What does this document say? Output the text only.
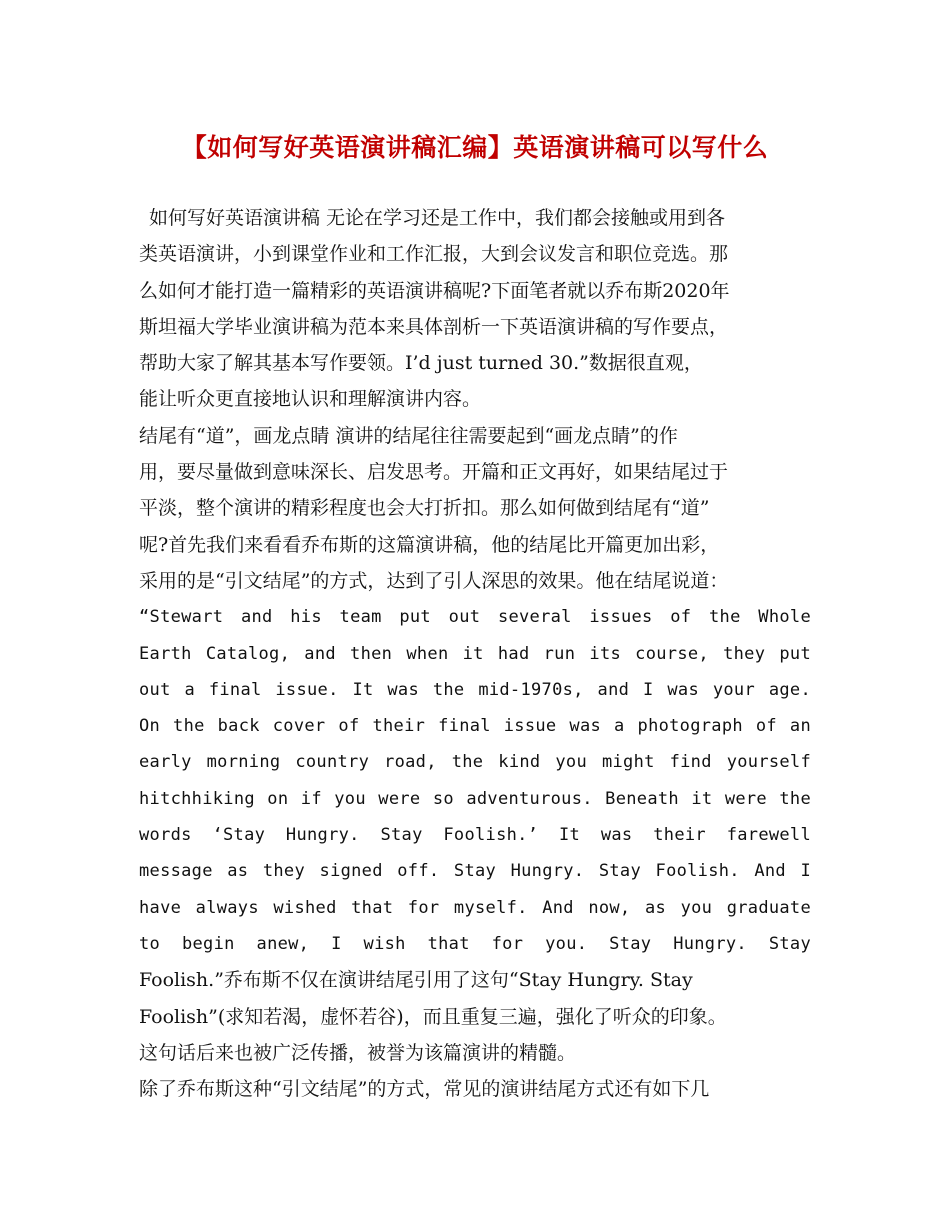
【如何写好英语演讲稿汇编】英语演讲稿可以写什么
如何写好英语演讲稿 无论在学习还是工作中，我们都会接触或用到各
类英语演讲，小到课堂作业和工作汇报，大到会议发言和职位竞选。那
么如何才能打造一篇精彩的英语演讲稿呢?下面笔者就以乔布斯2020年
斯坦福大学毕业演讲稿为范本来具体剖析一下英语演讲稿的写作要点，
帮助大家了解其基本写作要领。I’d just turned 30.”数据很直观，
能让听众更直接地认识和理解演讲内容。
结尾有“道”，画龙点睛 演讲的结尾往往需要起到“画龙点睛”的作
用，要尽量做到意味深长、启发思考。开篇和正文再好，如果结尾过于
平淡，整个演讲的精彩程度也会大打折扣。那么如何做到结尾有“道”
呢?首先我们来看看乔布斯的这篇演讲稿，他的结尾比开篇更加出彩，
采用的是“引文结尾”的方式，达到了引人深思的效果。他在结尾说道：
“Stewart and his team put out several issues of the Whole
Earth Catalog, and then when it had run its course, they put
out a final issue. It was the mid-1970s, and I was your age.
On the back cover of their final issue was a photograph of an
early morning country road, the kind you might find yourself
hitchhiking on if you were so adventurous. Beneath it were the
words ‘Stay Hungry. Stay Foolish.’ It was their farewell
message as they signed off. Stay Hungry. Stay Foolish. And I
have always wished that for myself. And now, as you graduate
to begin anew, I wish that for you. Stay Hungry. Stay
Foolish.”乔布斯不仅在演讲结尾引用了这句“Stay Hungry. Stay
Foolish”(求知若渴，虚怀若谷)，而且重复三遍，强化了听众的印象。
这句话后来也被广泛传播，被誉为该篇演讲的精髓。
除了乔布斯这种“引文结尾”的方式，常见的演讲结尾方式还有如下几
